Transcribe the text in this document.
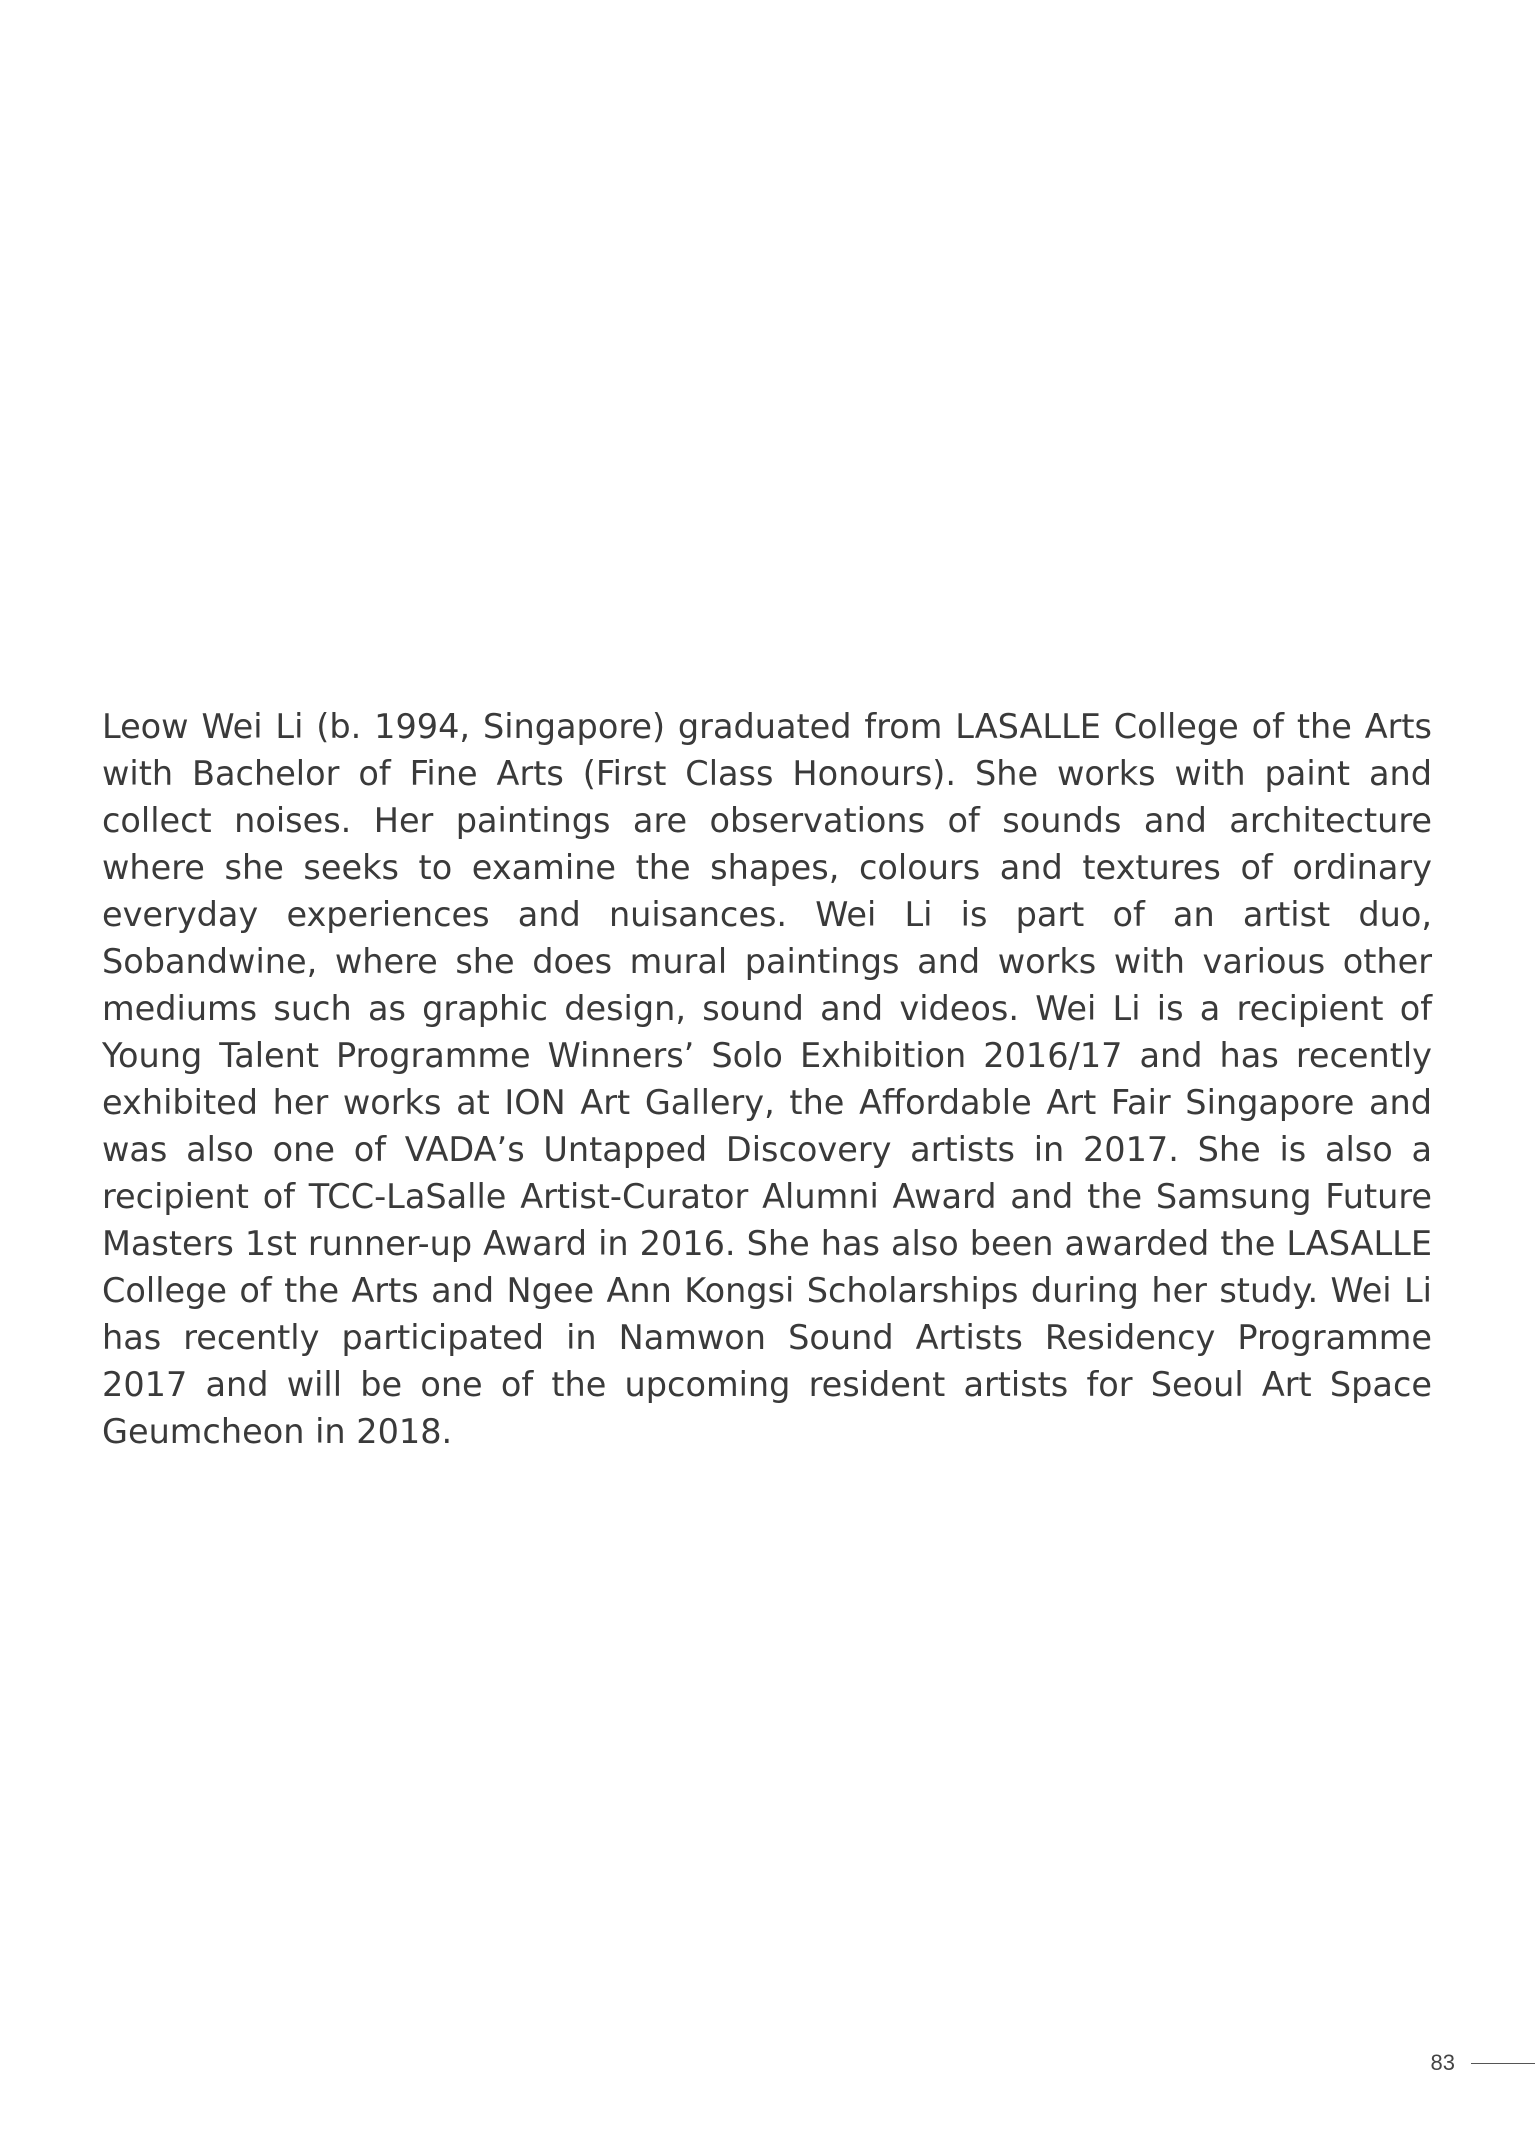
Leow Wei Li (b. 1994, Singapore) graduated from LASALLE College of the Arts with Bachelor of Fine Arts (First Class Honours). She works with paint and collect noises. Her paintings are observations of sounds and architecture where she seeks to examine the shapes, colours and textures of ordinary everyday experiences and nuisances. Wei Li is part of an artist duo, Sobandwine, where she does mural paintings and works with various other mediums such as graphic design, sound and videos. Wei Li is a recipient of Young Talent Programme Winners’ Solo Exhibition 2016/17 and has recently exhibited her works at ION Art Gallery, the Affordable Art Fair Singapore and was also one of VADA’s Untapped Discovery artists in 2017. She is also a recipient of TCC-LaSalle Artist-Curator Alumni Award and the Samsung Future Masters 1st runner-up Award in 2016. She has also been awarded the LASALLE College of the Arts and Ngee Ann Kongsi Scholarships during her study. Wei Li has recently participated in Namwon Sound Artists Residency Programme 2017 and will be one of the upcoming resident artists for Seoul Art Space Geumcheon in 2018.

83
